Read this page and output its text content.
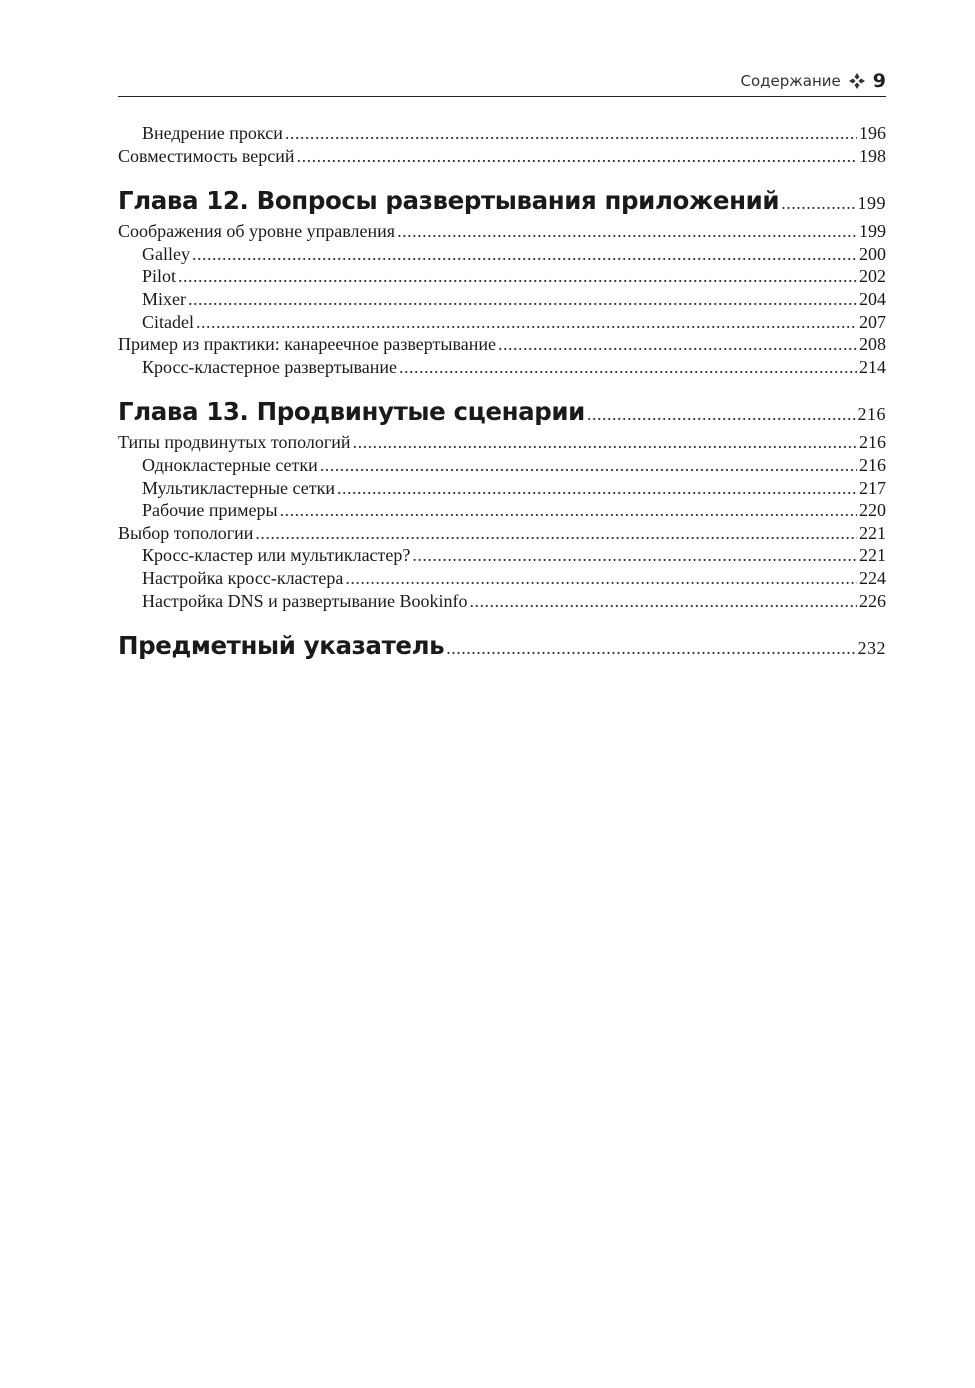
Содержание 9
Внедрение прокси .....	196
Совместимость версий .....	198
Глава 12. Вопросы развертывания приложений .....	199
Соображения об уровне управления .....	199
Galley .....	200
Pilot .....	202
Mixer .....	204
Citadel .....	207
Пример из практики: канареечное развертывание .....	208
Кросс-кластерное развертывание .....	214
Глава 13. Продвинутые сценарии .....	216
Типы продвинутых топологий .....	216
Однокластерные сетки .....	216
Мультикластерные сетки .....	217
Рабочие примеры .....	220
Выбор топологии .....	221
Кросс-кластер или мультикластер? .....	221
Настройка кросс-кластера .....	224
Настройка DNS и развертывание Bookinfo .....	226
Предметный указатель .....	232
